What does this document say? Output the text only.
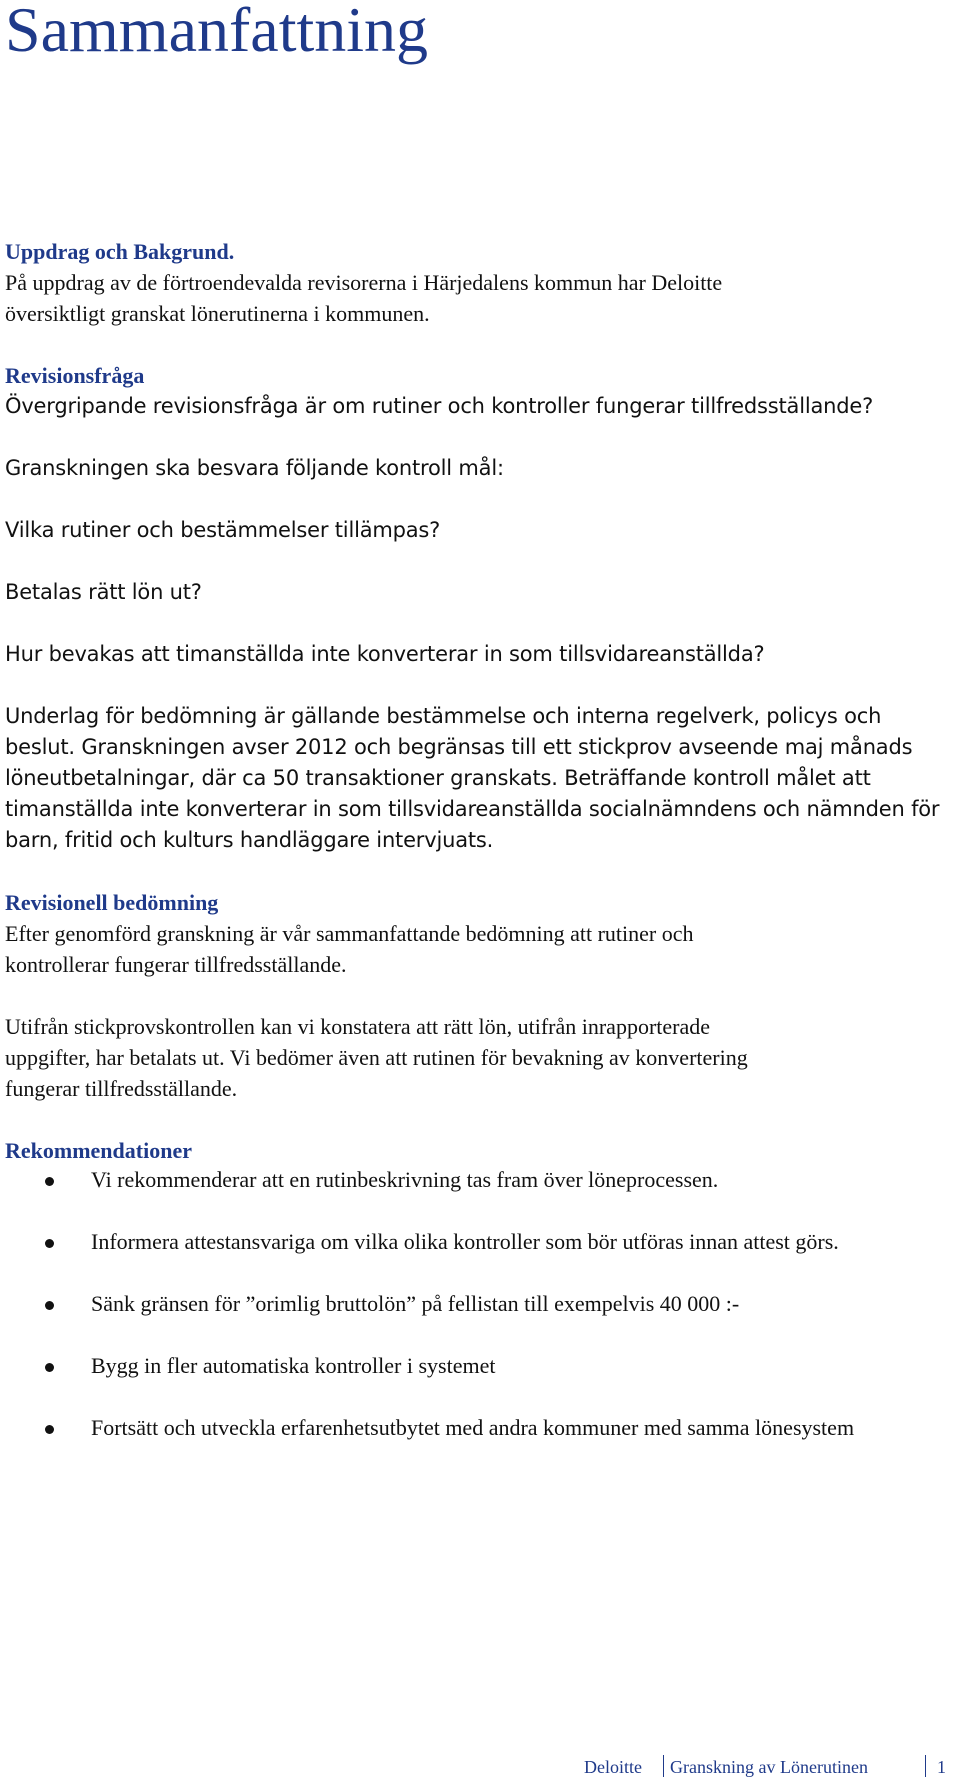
Sammanfattning

Uppdrag och Bakgrund.

På uppdrag av de förtroendevalda revisorerna i Härjedalens kommun har Deloitte

översiktligt granskat lönerutinerna i kommunen.

Revisionsfråga

Övergripande revisionsfråga är om rutiner och kontroller fungerar tillfredsställande?

Granskningen ska besvara följande kontroll mål:

Vilka rutiner och bestämmelser tillämpas?

Betalas rätt lön ut?

Hur bevakas att timanställda inte konverterar in som tillsvidareanställda?

Underlag för bedömning är gällande bestämmelse och interna regelverk, policys och

beslut. Granskningen avser 2012 och begränsas till ett stickprov avseende maj månads

löneutbetalningar, där ca 50 transaktioner granskats. Beträffande kontroll målet att

timanställda inte konverterar in som tillsvidareanställda socialnämndens och nämnden för

barn, fritid och kulturs handläggare intervjuats.

Revisionell bedömning

Efter genomförd granskning är vår sammanfattande bedömning att rutiner och

kontrollerar fungerar tillfredsställande.

Utifrån stickprovskontrollen kan vi konstatera att rätt lön, utifrån inrapporterade

uppgifter, har betalats ut. Vi bedömer även att rutinen för bevakning av konvertering

fungerar tillfredsställande.

Rekommendationer

Vi rekommenderar att en rutinbeskrivning tas fram över löneprocessen.
Informera attestansvariga om vilka olika kontroller som bör utföras innan attest görs.
Sänk gränsen för ”orimlig bruttolön” på fellistan till exempelvis 40 000 :-
Bygg in fler automatiska kontroller i systemet
Fortsätt och utveckla erfarenhetsutbytet med andra kommuner med samma lönesystem
Deloitte Granskning av Lönerutinen	1
